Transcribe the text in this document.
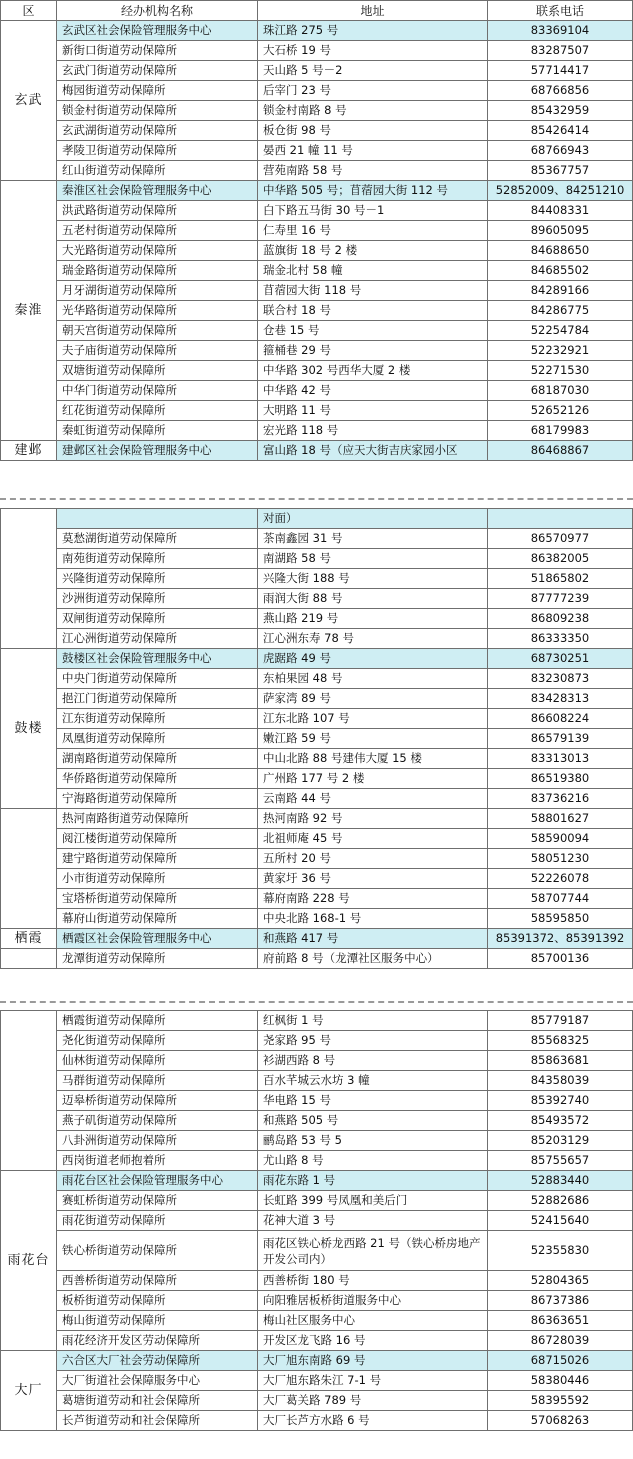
区	经办机构名称	地址	联系电话
玄武	玄武区社会保险管理服务中心	珠江路 275 号	83369104
	新街口街道劳动保障所	大石桥 19 号	83287507
	玄武门街道劳动保障所	天山路 5 号－2	57714417
	梅园街道劳动保障所	后宰门 23 号	68766856
	锁金村街道劳动保障所	锁金村南路 8 号	85432959
	玄武湖街道劳动保障所	板仓街 98 号	85426414
	孝陵卫街道劳动保障所	晏西 21 幢 11 号	68766943
	红山街道劳动保障所	营苑南路 58 号	85367757
秦淮	秦淮区社会保险管理服务中心	中华路 505 号；苜蓿园大街 112 号	52852009、84251210
	洪武路街道劳动保障所	白下路五马街 30 号－1	84408331
	五老村街道劳动保障所	仁寿里 16 号	89605095
	大光路街道劳动保障所	蓝旗街 18 号 2 楼	84688650
	瑞金路街道劳动保障所	瑞金北村 58 幢	84685502
	月牙湖街道劳动保障所	苜蓿园大街 118 号	84289166
	光华路街道劳动保障所	联合村 18 号	84286775
	朝天宫街道劳动保障所	仓巷 15 号	52254784
	夫子庙街道劳动保障所	箍桶巷 29 号	52232921
	双塘街道劳动保障所	中华路 302 号西华大厦 2 楼	52271530
	中华门街道劳动保障所	中华路 42 号	68187030
	红花街道劳动保障所	大明路 11 号	52652126
	秦虹街道劳动保障所	宏光路 118 号	68179983
建邺	建邺区社会保险管理服务中心	富山路 18 号（应天大街吉庆家园小区	86468867
		对面）	
	莫愁湖街道劳动保障所	茶南鑫园 31 号	86570977
	南苑街道劳动保障所	南湖路 58 号	86382005
	兴隆街道劳动保障所	兴隆大街 188 号	51865802
	沙洲街道劳动保障所	雨润大街 88 号	87777239
	双闸街道劳动保障所	燕山路 219 号	86809238
	江心洲街道劳动保障所	江心洲东寿 78 号	86333350
鼓楼	鼓楼区社会保险管理服务中心	虎踞路 49 号	68730251
	中央门街道劳动保障所	东柏果园 48 号	83230873
	挹江门街道劳动保障所	萨家湾 89 号	83428313
	江东街道劳动保障所	江东北路 107 号	86608224
	凤凰街道劳动保障所	嫩江路 59 号	86579139
	湖南路街道劳动保障所	中山北路 88 号建伟大厦 15 楼	83313013
	华侨路街道劳动保障所	广州路 177 号 2 楼	86519380
	宁海路街道劳动保障所	云南路 44 号	83736216
	热河南路街道劳动保障所	热河南路 92 号	58801627
	阅江楼街道劳动保障所	北祖师庵 45 号	58590094
	建宁路街道劳动保障所	五所村 20 号	58051230
	小市街道劳动保障所	黄家圩 36 号	52226078
	宝塔桥街道劳动保障所	幕府南路 228 号	58707744
	幕府山街道劳动保障所	中央北路 168-1 号	58595850
栖霞	栖霞区社会保险管理服务中心	和燕路 417 号	85391372、85391392
	龙潭街道劳动保障所	府前路 8 号（龙潭社区服务中心）	85700136
	栖霞街道劳动保障所	红枫街 1 号	85779187
	尧化街道劳动保障所	尧家路 95 号	85568325
	仙林街道劳动保障所	衫湖西路 8 号	85863681
	马群街道劳动保障所	百水芊城云水坊 3 幢	84358039
	迈皋桥街道劳动保障所	华电路 15 号	85392740
	燕子矶街道劳动保障所	和燕路 505 号	85493572
	八卦洲街道劳动保障所	鹂岛路 53 号 5	85203129
	西岗街道老师抱着所	尤山路 8 号	85755657
雨花台	雨花台区社会保险管理服务中心	雨花东路 1 号	52883440
	赛虹桥街道劳动保障所	长虹路 399 号凤凰和美后门	52882686
	雨花街道劳动保障所	花神大道 3 号	52415640
	铁心桥街道劳动保障所	雨花区铁心桥龙西路 21 号（铁心桥房地产开发公司内）	52355830
	西善桥街道劳动保障所	西善桥街 180 号	52804365
	板桥街道劳动保障所	向阳雅居板桥街道服务中心	86737386
	梅山街道劳动保障所	梅山社区服务中心	86363651
	雨花经济开发区劳动保障所	开发区龙飞路 16 号	86728039
大厂	六合区大厂社会劳动保障所	大厂旭东南路 69 号	68715026
	大厂街道社会保障服务中心	大厂旭东路朱江 7-1 号	58380446
	葛塘街道劳动和社会保障所	大厂葛关路 789 号	58395592
	长芦街道劳动和社会保障所	大厂长芦方水路 6 号	57068263
